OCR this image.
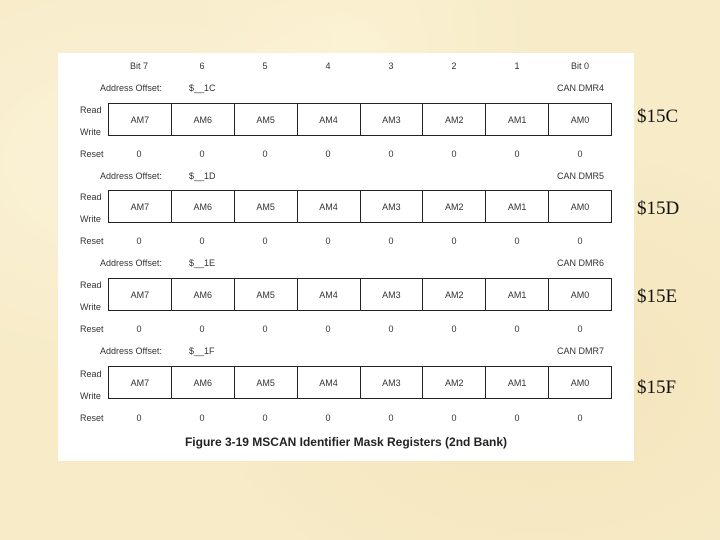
Bit 7	6	5	4	3	2	1	Bit 0
Address Offset:	$__1C	CAN DMR4
Read
Write
AM7	AM6	AM5	AM4	AM3	AM2	AM1	AM0
Reset	0	0	0	0	0	0	0	0
Address Offset:	$__1D	CAN DMR5
Read
Write
AM7	AM6	AM5	AM4	AM3	AM2	AM1	AM0
Reset	0	0	0	0	0	0	0	0
Address Offset:	$__1E	CAN DMR6
Read
Write
AM7	AM6	AM5	AM4	AM3	AM2	AM1	AM0
Reset	0	0	0	0	0	0	0	0
Address Offset:	$__1F	CAN DMR7
Read
Write
AM7	AM6	AM5	AM4	AM3	AM2	AM1	AM0
Reset	0	0	0	0	0	0	0	0
Figure 3-19 MSCAN Identifier Mask Registers (2nd Bank)
$15C
$15D
$15E
$15F
